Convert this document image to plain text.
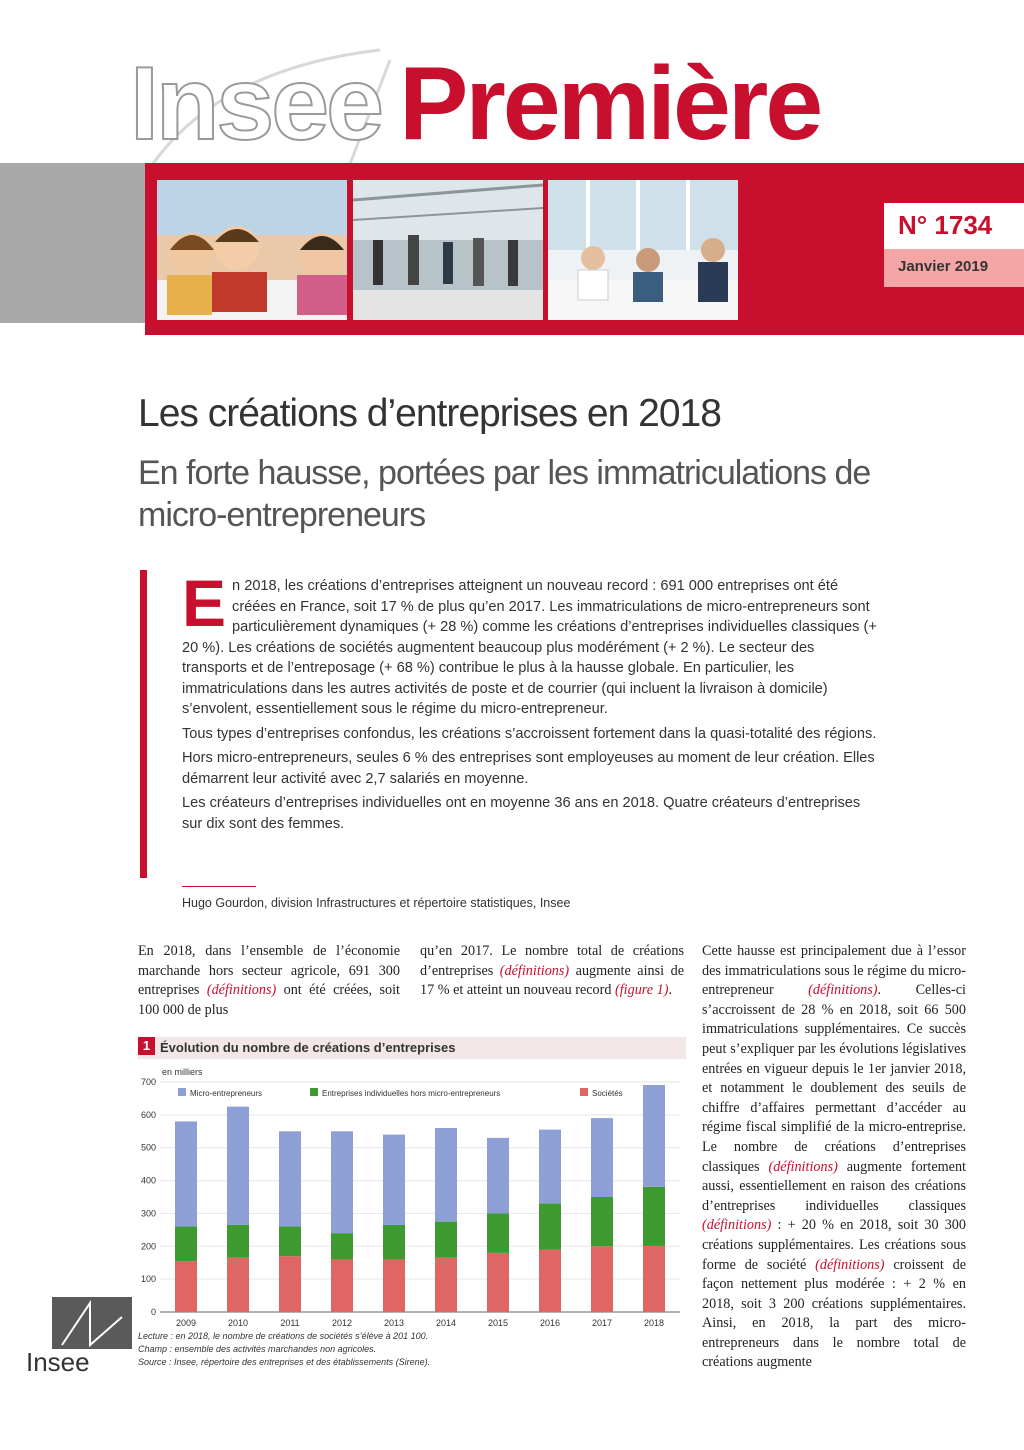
Insee Première
N° 1734
Janvier 2019
Les créations d’entreprises en 2018
En forte hausse, portées par les immatriculations de micro-entrepreneurs

En 2018, les créations d’entreprises atteignent un nouveau record : 691 000 entreprises ont été créées en France, soit 17 % de plus qu’en 2017. Les immatriculations de micro-entrepreneurs sont particulièrement dynamiques (+ 28 %) comme les créations d’entreprises individuelles classiques (+ 20 %). Les créations de sociétés augmentent beaucoup plus modérément (+ 2 %). Le secteur des transports et de l’entreposage (+ 68 %) contribue le plus à la hausse globale. En particulier, les immatriculations dans les autres activités de poste et de courrier (qui incluent la livraison à domicile) s’envolent, essentiellement sous le régime du micro-entrepreneur.

Tous types d’entreprises confondus, les créations s’accroissent fortement dans la quasi-totalité des régions.

Hors micro-entrepreneurs, seules 6 % des entreprises sont employeuses au moment de leur création. Elles démarrent leur activité avec 2,7 salariés en moyenne.

Les créateurs d’entreprises individuelles ont en moyenne 36 ans en 2018. Quatre créateurs d’entreprises sur dix sont des femmes.

Hugo Gourdon, division Infrastructures et répertoire statistiques, Insee
En 2018, dans l’ensemble de l’économie marchande hors secteur agricole, 691 300 entreprises (définitions) ont été créées, soit 100 000 de plus
qu’en 2017. Le nombre total de créations d’entreprises (définitions) augmente ainsi de 17 % et atteint un nouveau record (figure 1).
Cette hausse est principalement due à l’essor des immatriculations sous le régime du micro-entrepreneur (définitions). Celles-ci s’accroissent de 28 % en 2018, soit 66 500 immatriculations supplémentaires. Ce succès peut s’expliquer par les évolutions législatives entrées en vigueur depuis le 1er janvier 2018, et notamment le doublement des seuils de chiffre d’affaires permettant d’accéder au régime fiscal simplifié de la micro-entreprise. Le nombre de créations d’entreprises classiques (définitions) augmente fortement aussi, essentiellement en raison des créations d’entreprises individuelles classiques (définitions) : + 20 % en 2018, soit 30 300 créations supplémentaires. Les créations sous forme de société (définitions) croissent de façon nettement plus modérée : + 2 % en 2018, soit 3 200 créations supplémentaires. Ainsi, en 2018, la part des micro-entrepreneurs dans le nombre total de créations augmente
1 Évolution du nombre de créations d’entreprises
en milliers
0
100
200
300
400
500
600
700
2009	2010	2011	2012	2013	2014	2015	2016	2017	2018
Micro-entrepreneurs	Entreprises individuelles hors micro-entrepreneurs	Sociétés
Lecture : en 2018, le nombre de créations de sociétés s’élève à 201 100.
Champ : ensemble des activités marchandes non agricoles.
Source : Insee, répertoire des entreprises et des établissements (Sirene).
Insee
